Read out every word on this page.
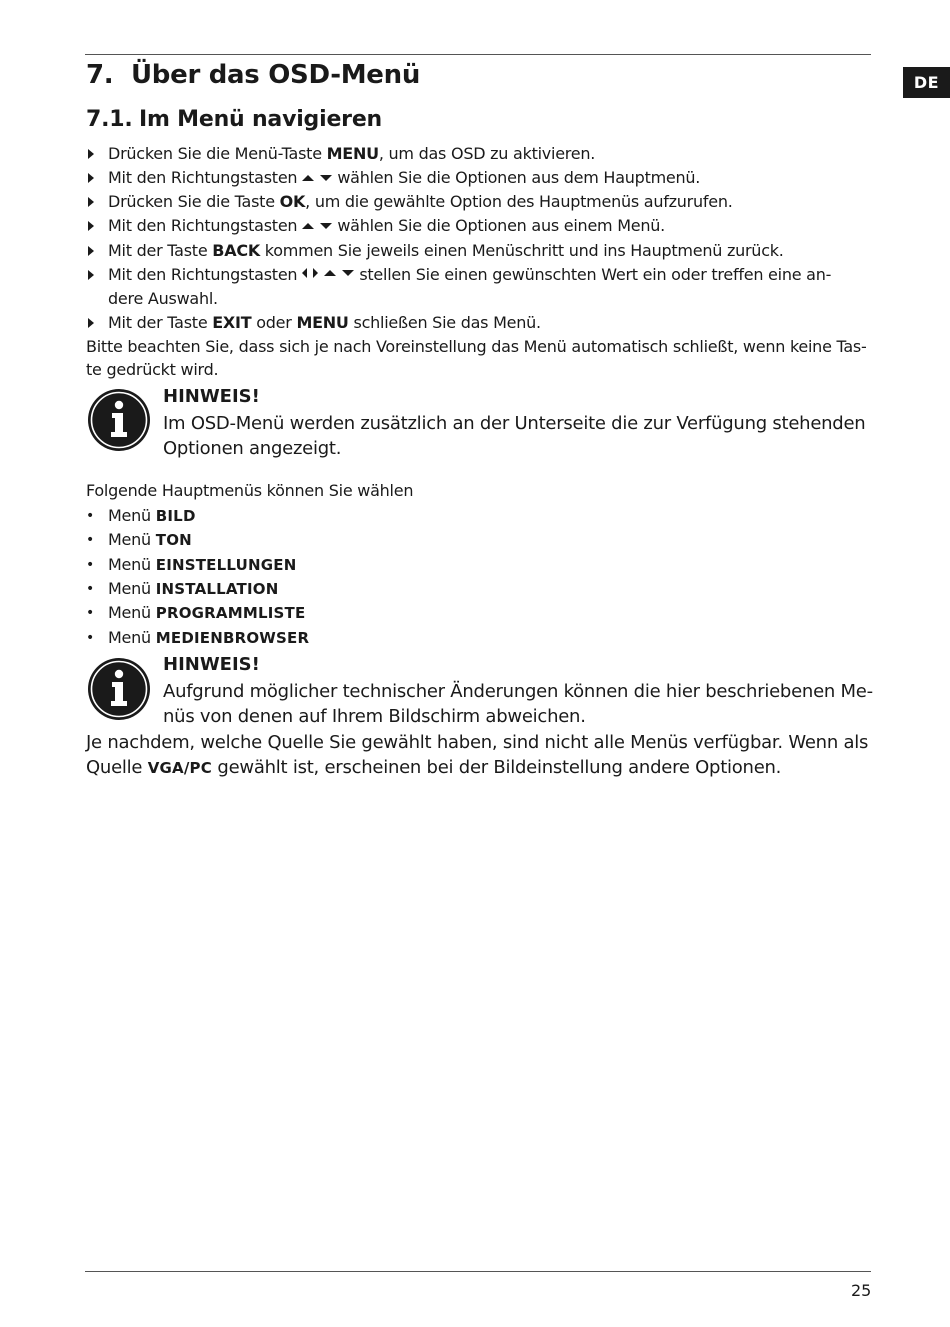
DE
7. Über das OSD-Menü
7.1. Im Menü navigieren
Drücken Sie die Menü-Taste MENU, um das OSD zu aktivieren.
Mit den Richtungstasten	wählen Sie die Optionen aus dem Hauptmenü.
Drücken Sie die Taste OK, um die gewählte Option des Hauptmenüs aufzurufen.
Mit den Richtungstasten	wählen Sie die Optionen aus einem Menü.
Mit der Taste BACK kommen Sie jeweils einen Menüschritt und ins Hauptmenü zurück.
Mit den Richtungstasten	stellen Sie einen gewünschten Wert ein oder treffen eine an-
dere Auswahl.
Mit der Taste EXIT oder MENU schließen Sie das Menü.
Bitte beachten Sie, dass sich je nach Voreinstellung das Menü automatisch schließt, wenn keine Tas-
te gedrückt wird.
HINWEIS!
Im OSD-Menü werden zusätzlich an der Unterseite die zur Verfügung stehenden
Optionen angezeigt.
Folgende Hauptmenüs können Sie wählen
• Menü BILD
• Menü TON
• Menü EINSTELLUNGEN
• Menü INSTALLATION
• Menü PROGRAMMLISTE
• Menü MEDIENBROWSER
HINWEIS!
Aufgrund möglicher technischer Änderungen können die hier beschriebenen Me-
nüs von denen auf Ihrem Bildschirm abweichen.
Je nachdem, welche Quelle Sie gewählt haben, sind nicht alle Menüs verfügbar. Wenn als
Quelle VGA/PC gewählt ist, erscheinen bei der Bildeinstellung andere Optionen.
25
